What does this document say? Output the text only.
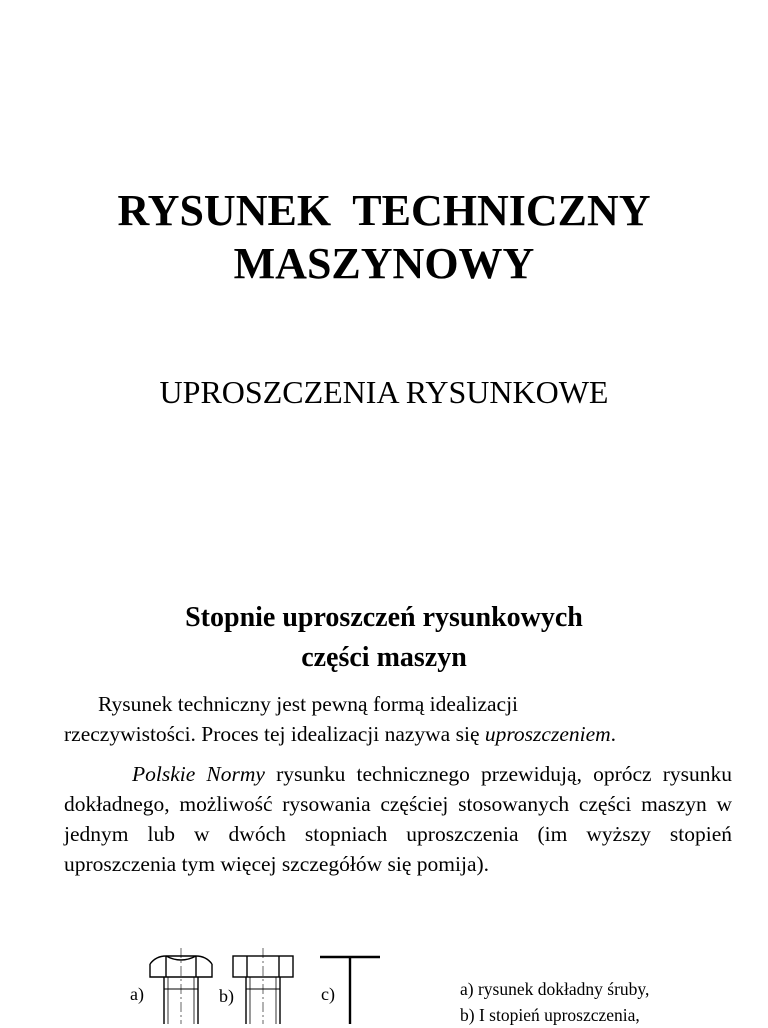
RYSUNEK  TECHNICZNY
MASZYNOWY
UPROSZCZENIA RYSUNKOWE
Stopnie uproszczeń rysunkowych
części maszyn
Rysunek techniczny jest pewną formą idealizacji
rzeczywistości. Proces tej idealizacji nazywa się uproszczeniem.
Polskie Normy rysunku technicznego przewidują, oprócz rysunku dokładnego, możliwość rysowania częściej stosowanych części maszyn w jednym lub w dwóch stopniach uproszczenia (im wyższy stopień uproszczenia tym więcej szczegółów się pomija).
a)	b)	c)	a) rysunek dokładny śruby,
b) I stopień uproszczenia,
